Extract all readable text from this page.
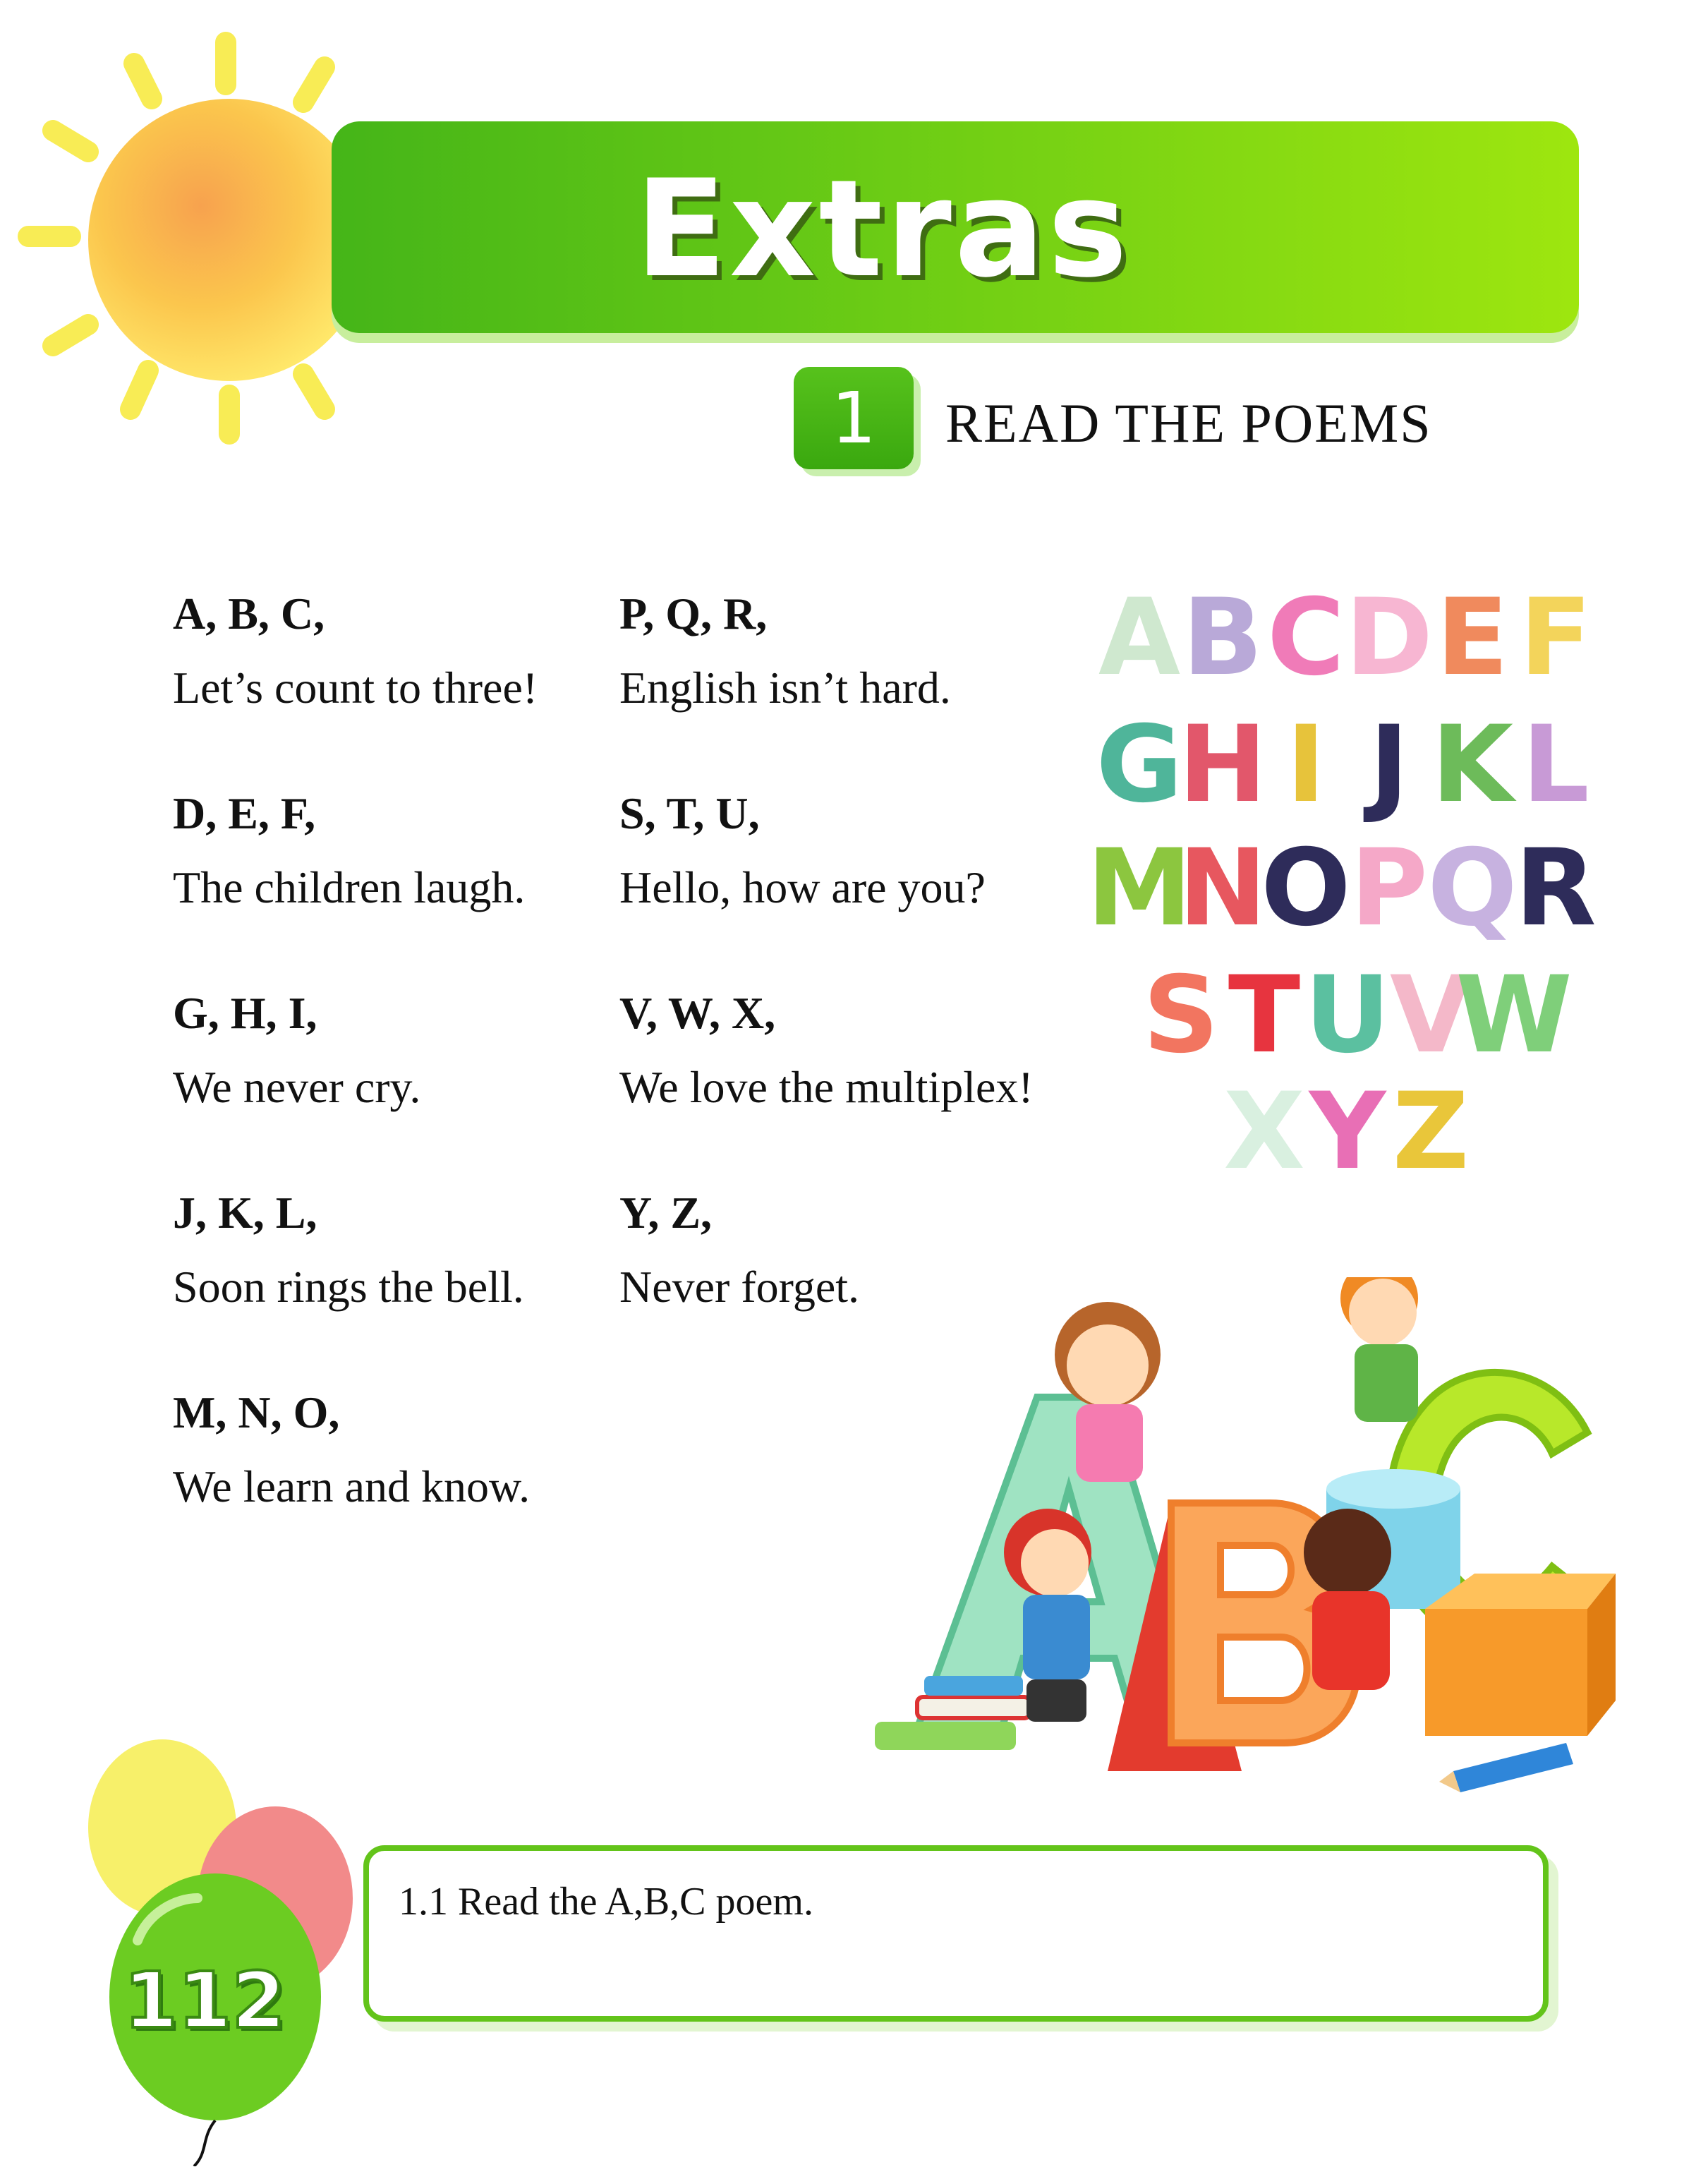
Extras
1	READ THE POEMS
A, B, C,
Let’s count to three!
D, E, F,
The children laugh.
G, H, I,
We never cry.
J, K, L,
Soon rings the bell.
M, N, O,
We learn and know.
P, Q, R,
English isn’t hard.
S, T, U,
Hello, how are you?
V, W, X,
We love the multiplex!
Y, Z,
Never forget.
A B C D E F
G
H I J K L
M
N
O P Q
R
S T U V
W
X Y Z
112
1.1 Read the A,B,C poem.
